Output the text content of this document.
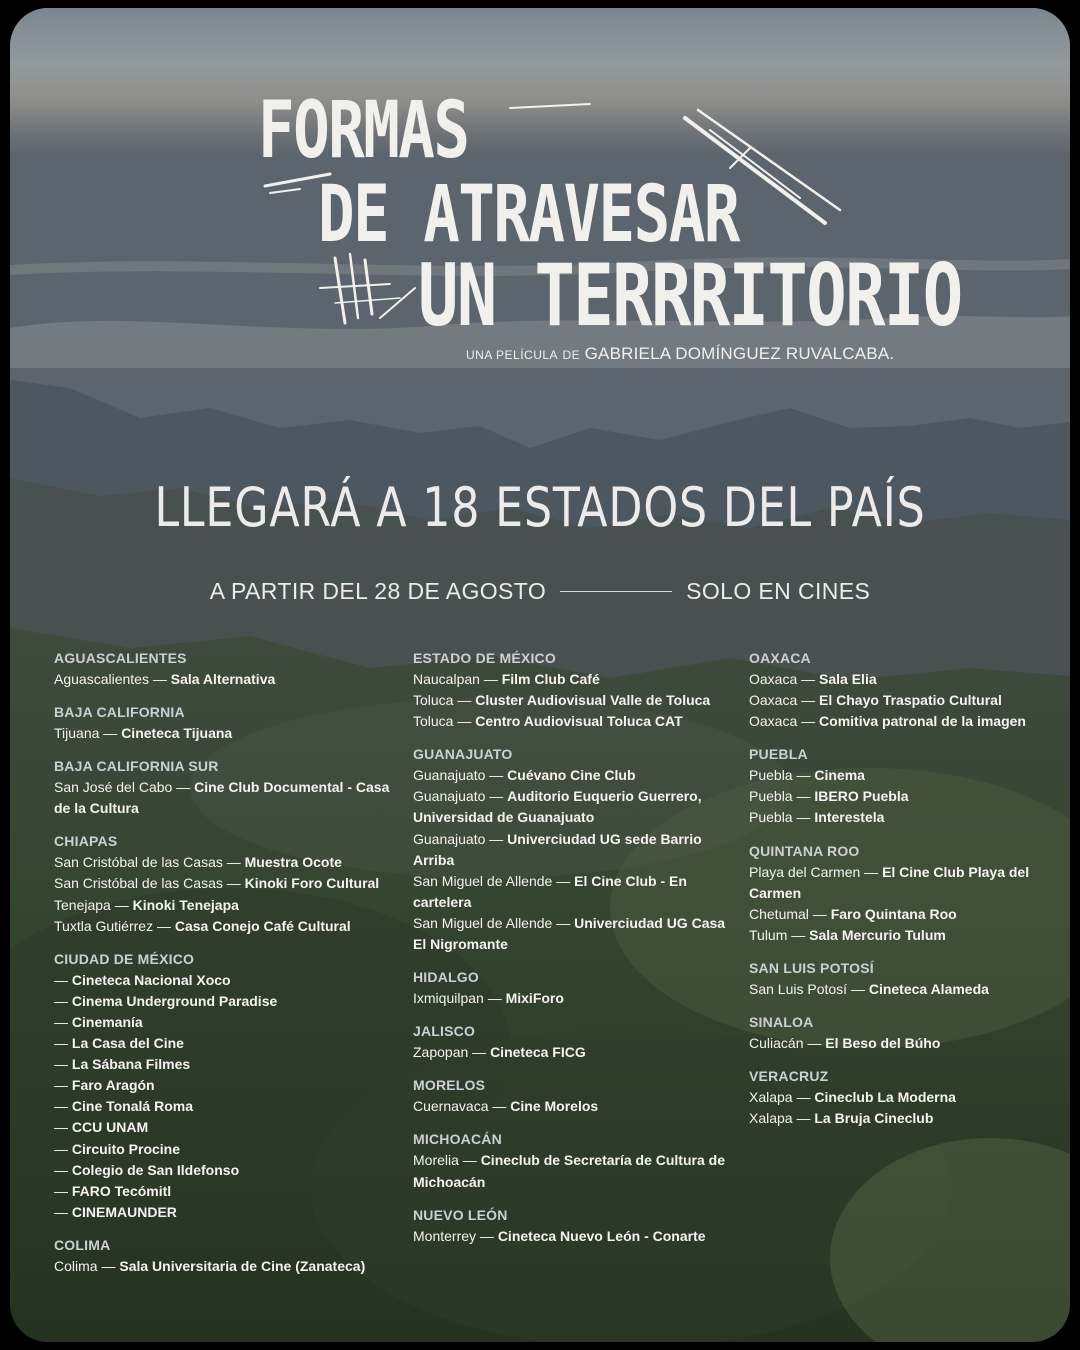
FORMAS
DE ATRAVESAR
UN TERRRITORIO
UNA PELÍCULA DE GABRIELA DOMÍNGUEZ RUVALCABA.
LLEGARÁ A 18 ESTADOS DEL PAÍS
A PARTIR DEL 28 DE AGOSTO	SOLO EN CINES
AGUASCALIENTES
Aguascalientes — Sala Alternativa
BAJA CALIFORNIA
Tijuana — Cineteca Tijuana
BAJA CALIFORNIA SUR
San José del Cabo — Cine Club Documental - Casa de la Cultura
CHIAPAS
San Cristóbal de las Casas — Muestra Ocote
San Cristóbal de las Casas — Kinoki Foro Cultural
Tenejapa — Kinoki Tenejapa
Tuxtla Gutiérrez — Casa Conejo Café Cultural
CIUDAD DE MÉXICO
— Cineteca Nacional Xoco
— Cinema Underground Paradise
— Cinemanía
— La Casa del Cine
— La Sábana Filmes
— Faro Aragón
— Cine Tonalá Roma
— CCU UNAM
— Circuito Procine
— Colegio de San Ildefonso
— FARO Tecómitl
— CINEMAUNDER
COLIMA
Colima — Sala Universitaria de Cine (Zanateca)
ESTADO DE MÉXICO
Naucalpan — Film Club Café
Toluca — Cluster Audiovisual Valle de Toluca
Toluca — Centro Audiovisual Toluca CAT
GUANAJUATO
Guanajuato — Cuévano Cine Club
Guanajuato — Auditorio Euquerio Guerrero, Universidad de Guanajuato
Guanajuato — Univerciudad UG sede Barrio Arriba
San Miguel de Allende — El Cine Club - En cartelera
San Miguel de Allende — Univerciudad UG Casa El Nigromante
HIDALGO
Ixmiquilpan — MixiForo
JALISCO
Zapopan — Cineteca FICG
MORELOS
Cuernavaca — Cine Morelos
MICHOACÁN
Morelia — Cineclub de Secretaría de Cultura de Michoacán
NUEVO LEÓN
Monterrey — Cineteca Nuevo León - Conarte
OAXACA
Oaxaca — Sala Elia
Oaxaca — El Chayo Traspatio Cultural
Oaxaca — Comitiva patronal de la imagen
PUEBLA
Puebla — Cinema
Puebla — IBERO Puebla
Puebla — Interestela
QUINTANA ROO
Playa del Carmen — El Cine Club Playa del Carmen
Chetumal — Faro Quintana Roo
Tulum — Sala Mercurio Tulum
SAN LUIS POTOSÍ
San Luis Potosí — Cineteca Alameda
SINALOA
Culiacán — El Beso del Búho
VERACRUZ
Xalapa — Cineclub La Moderna
Xalapa — La Bruja Cineclub
